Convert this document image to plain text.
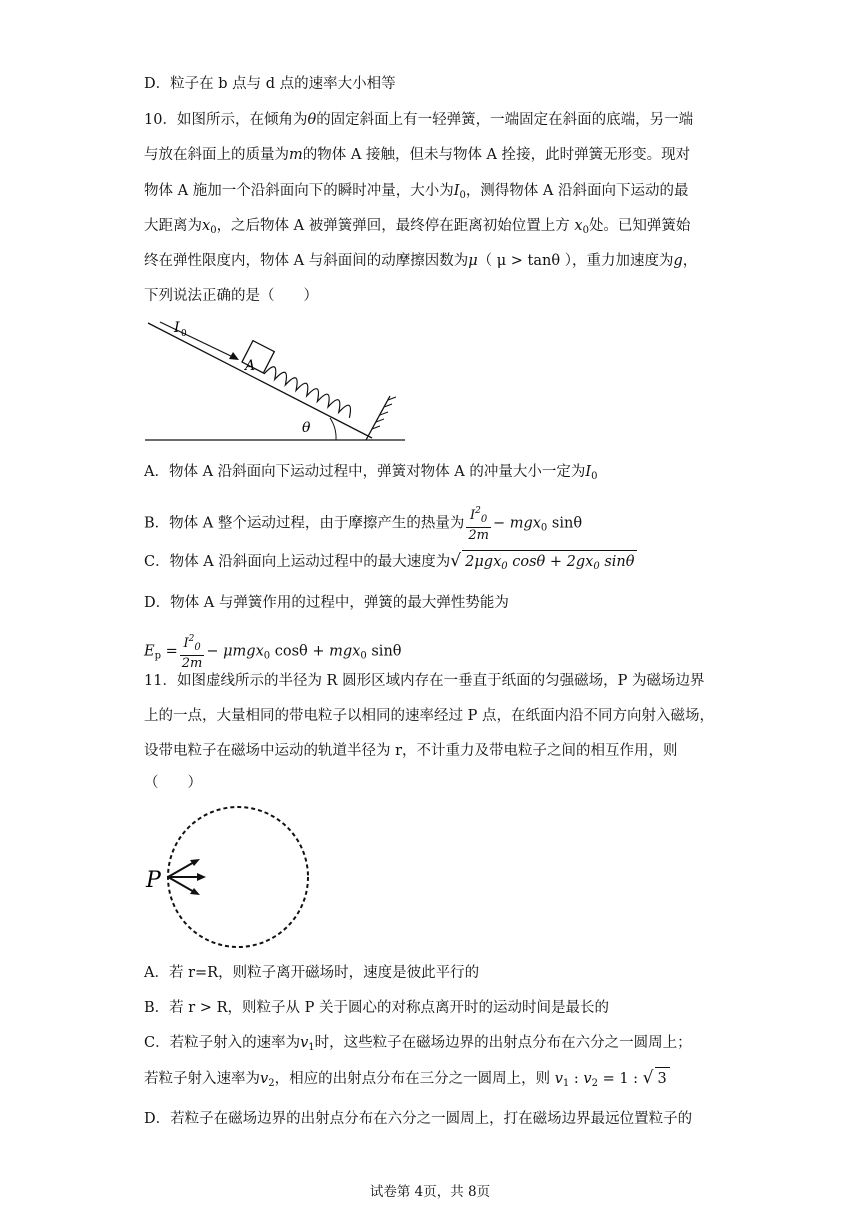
D．粒子在 b 点与 d 点的速率大小相等
10．如图所示，在倾角为θ的固定斜面上有一轻弹簧，一端固定在斜面的底端，另一端
与放在斜面上的质量为m的物体 A 接触，但未与物体 A 拴接，此时弹簧无形变。现对
物体 A 施加一个沿斜面向下的瞬时冲量，大小为$I_0$，测得物体 A 沿斜面向下运动的最
大距离为$x_0$，之后物体 A 被弹簧弹回，最终停在距离初始位置上方 $x_0$处。已知弹簧始
终在弹性限度内，物体 A 与斜面间的动摩擦因数为μ（ μ > tanθ ），重力加速度为g，
下列说法正确的是（　　）
I 0
A
θ
A．物体 A 沿斜面向下运动过程中，弹簧对物体 A 的冲量大小一定为$I_0$
B．物体 A 整个运动过程，由于摩擦产生的热量为 $\frac{I^2_0}{2m} - mgx_0$ sinθ
C．物体 A 沿斜面向上运动过程中的最大速度为√ 2μgx$_0$ $\cos\theta + 2gx_0$ sinθ
D．物体 A 与弹簧作用的过程中，弹簧的最大弹性势能为
$E_p = \frac{I^2_0}{2m} - \mu mgx_0$ cosθ + mgx$_0$ sinθ
11．如图虚线所示的半径为 R 圆形区域内存在一垂直于纸面的匀强磁场，P 为磁场边界
上的一点，大量相同的带电粒子以相同的速率经过 P 点，在纸面内沿不同方向射入磁场，
设带电粒子在磁场中运动的轨道半径为 r，不计重力及带电粒子之间的相互作用，则
（　　）
P
A．若 r=R，则粒子离开磁场时，速度是彼此平行的
B．若 r > R，则粒子从 P 关于圆心的对称点离开时的运动时间是最长的
C．若粒子射入的速率为$v_1$时，这些粒子在磁场边界的出射点分布在六分之一圆周上；
若粒子射入速率为$v_2$，相应的出射点分布在三分之一圆周上，则 $v_1$ : $v_2 = 1$ : √ 3
D．若粒子在磁场边界的出射点分布在六分之一圆周上，打在磁场边界最远位置粒子的
试卷第 4页，共 8页
